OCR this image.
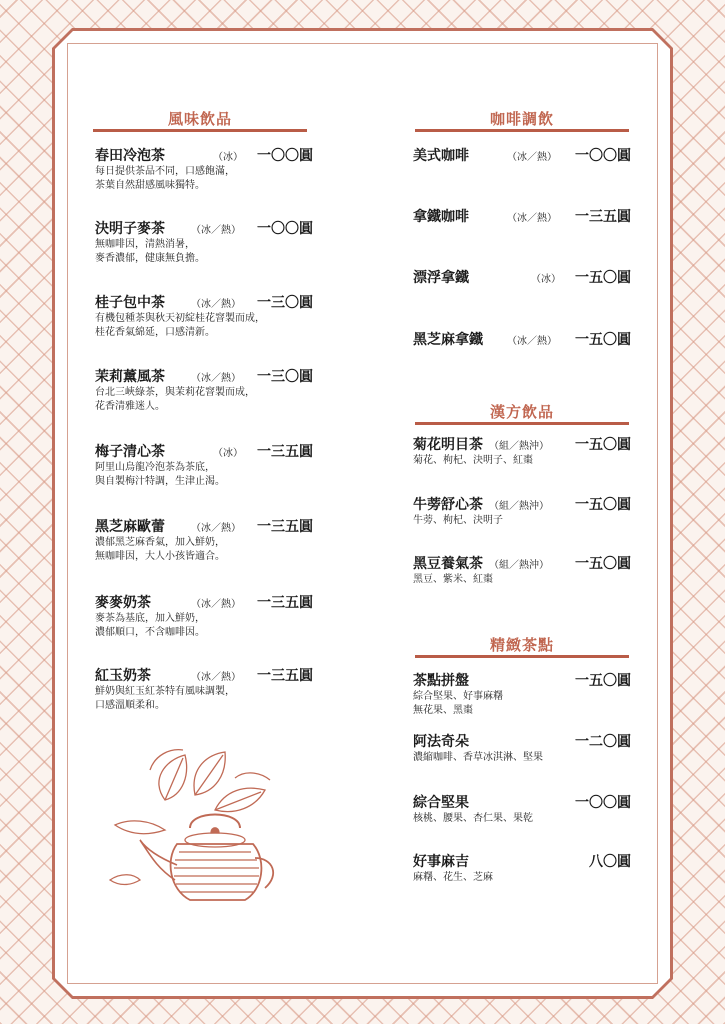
風味飲品
春田冷泡茶	（冰） 一〇〇圓
每日提供茶品不同，口感飽滿，
茶葉自然甜感風味獨特。
決明子麥茶	（冰／熱） 一〇〇圓
無咖啡因，清熱消暑，
麥香濃郁，健康無負擔。
桂子包中茶	（冰／熱） 一三〇圓
有機包種茶與秋天初綻桂花窨製而成，
桂花香氣綿延，口感清新。
茉莉薰風茶	（冰／熱） 一三〇圓
台北三峽綠茶，與茉莉花窨製而成，
花香清雅迷人。
梅子清心茶	（冰） 一三五圓
阿里山烏龍冷泡茶為茶底，
與自製梅汁特調，生津止渴。
黑芝麻歐蕾	（冰／熱） 一三五圓
濃郁黑芝麻香氣，加入鮮奶，
無咖啡因，大人小孩皆適合。
麥麥奶茶	（冰／熱） 一三五圓
麥茶為基底，加入鮮奶，
濃郁順口，不含咖啡因。
紅玉奶茶	（冰／熱） 一三五圓
鮮奶與紅玉紅茶特有風味調製，
口感溫順柔和。
咖啡調飲
美式咖啡	（冰／熱） 一〇〇圓
拿鐵咖啡	（冰／熱） 一三五圓
漂浮拿鐵	（冰） 一五〇圓
黑芝麻拿鐵 （冰／熱） 一五〇圓
漢方飲品
菊花明目茶 （組／熱沖） 一五〇圓
菊花、枸杞、決明子、紅棗
牛蒡舒心茶 （組／熱沖） 一五〇圓
牛蒡、枸杞、決明子
黑豆養氣茶 （組／熱沖） 一五〇圓
黑豆、紫米、紅棗
精緻茶點
茶點拼盤	一五〇圓
綜合堅果、好事麻糬
無花果、黑棗
阿法奇朵	一二〇圓
濃縮咖啡、香草冰淇淋、堅果
綜合堅果	一〇〇圓
核桃、腰果、杏仁果、果乾
好事麻吉	八〇圓
麻糬、花生、芝麻
